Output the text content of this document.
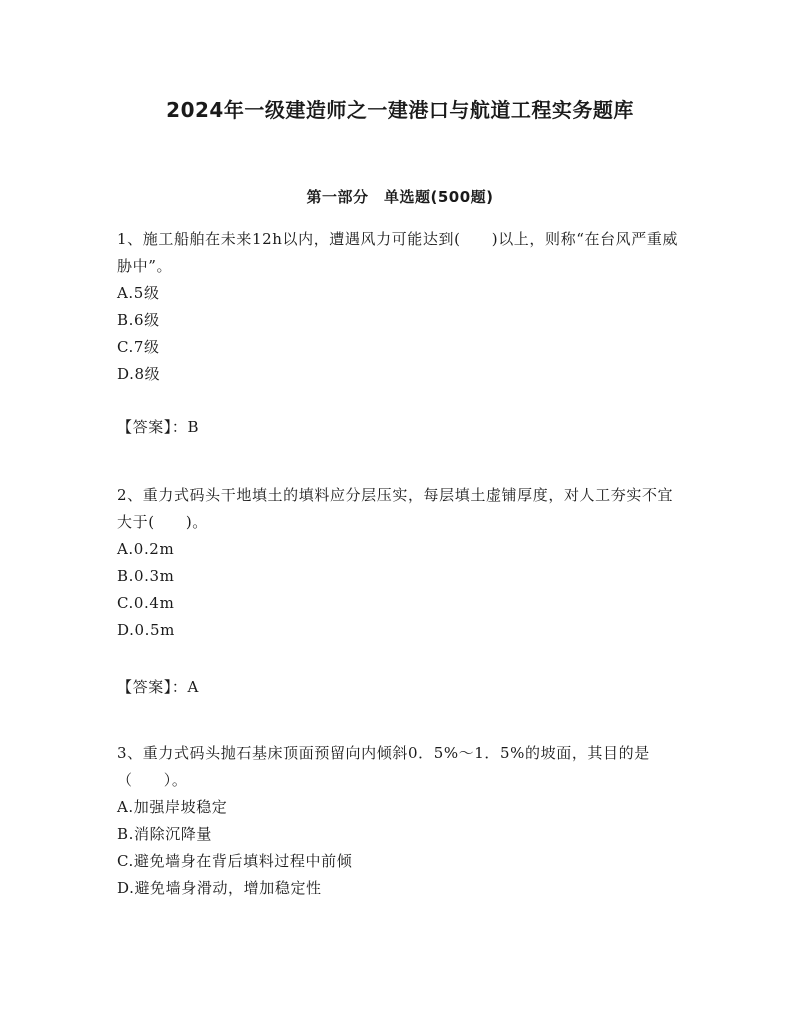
2024年一级建造师之一建港口与航道工程实务题库
第一部分　单选题(500题)
1、施工船舶在未来12h以内，遭遇风力可能达到(　　)以上，则称“在台风严重威胁中”。
A.5级
B.6级
C.7级
D.8级
【答案】：B
2、重力式码头干地填土的填料应分层压实，每层填土虚铺厚度，对人工夯实不宜大于(　　)。
A.0.2m
B.0.3m
C.0.4m
D.0.5m
【答案】：A
3、重力式码头抛石基床顶面预留向内倾斜0．5%～1．5%的坡面，其目的是（　　）。
A.加强岸坡稳定
B.消除沉降量
C.避免墙身在背后填料过程中前倾
D.避免墙身滑动，增加稳定性
